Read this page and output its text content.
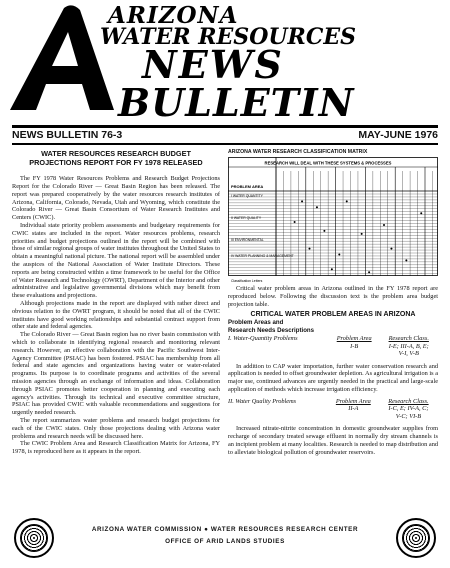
ARIZONA
WATER RESOURCES
NEWS
BULLETIN
NEWS BULLETIN 76-3	MAY-JUNE 1976
WATER RESOURCES RESEARCH BUDGET
PROJECTIONS REPORT FOR FY 1978 RELEASED

The FY 1978 Water Resources Problems and Research Budget Projections Report for the Colorado River — Great Basin Region has been released. The report was prepared cooperatively by the water resources research institutes of Arizona, California, Colorado, Nevada, Utah and Wyoming, which constitute the Colorado River — Great Basin Consortium of Water Research Institutes and Centers (CWIC).

Individual state priority problem assessments and budgetary requirements for CWIC states are included in the report. Water resources problems, research priorities and budget projections outlined in the report will be combined with those of similar regional groups of water institutes throughout the United States to obtain a meaningful national picture. The national report will be assembled under the auspices of the National Association of Water Institute Directors. These reports are being constructed within a time framework to be useful for the Office of Water Research and Technology (OWRT), Department of the Interior and other administrative and legislative governmental divisions which may benefit from these evaluations and projections.

Although projections made in the report are displayed with rather direct and obvious relation to the OWRT program, it should be noted that all of the CWIC institutes have good working relationships and substantial contract support from other state and federal agencies.

The Colorado River — Great Basin region has no river basin commission with which to collaborate in identifying regional research and monitoring relevant research. However, an effective collaboration with the Pacific Southwest Inter-Agency Committee (PSIAC) has been fostered. PSIAC has membership from all federal and state agencies and organizations having water or water-related programs. Its purpose is to coordinate programs and activities of the several mission agencies through an exchange of information and ideas. Collaboration through PSIAC promotes better cooperation in planning and executing each agency's activities. Through its technical and executive committee structure, PSIAC has provided CWIC with valuable recommendations and suggestions for urgently needed research.

The report summarizes water problems and research budget projections for each of the CWIC states. Only those projections dealing with Arizona water problems and research needs will be discussed here.

The CWIC Problem Area and Research Classification Matrix for Arizona, FY 1978, is reproduced here as it appears in the report.

ARIZONA WATER RESEARCH CLASSIFICATION MATRIX
RESEARCH WILL DEAL WITH THESE SYSTEMS & PROCESSES
PROBLEM AREA
I WATER QUANTITY
II WATER QUALITY
III ENVIRONMENTAL
IV WATER PLANNING & MANAGEMENT
Classification Letters

Critical water problem areas in Arizona outlined in the FY 1978 report are reproduced below. Following the discussion text is the problem area budget projection table.

CRITICAL WATER PROBLEM AREAS IN ARIZONA
Problem Areas and
Research Needs Descriptions
I. Water-Quantity Problems	Problem Area	Research Class.
	I-B	I-E; III-A, B, E;
		V-I, V-B

In addition to CAP water importation, further water conservation research and application is needed to offset groundwater depletion. As agricultural irrigation is a major use, continued advances are urgently needed in the practical and large-scale application of methods which increase irrigation efficiency.

II. Water Quality Problems	Problem Area	Research Class.
	II-A	I-C, E; IV-A, C;
		V-C; VI-B

Increased nitrate-nitrite concentration in domestic groundwater supplies from recharge of secondary treated sewage effluent in normally dry stream channels is an incipient problem at many localities. Research is needed to map distribution and to alleviate biological pollution of groundwater reservoirs.

ARIZONA WATER COMMISSION ● WATER RESOURCES RESEARCH CENTER
OFFICE OF ARID LANDS STUDIES
